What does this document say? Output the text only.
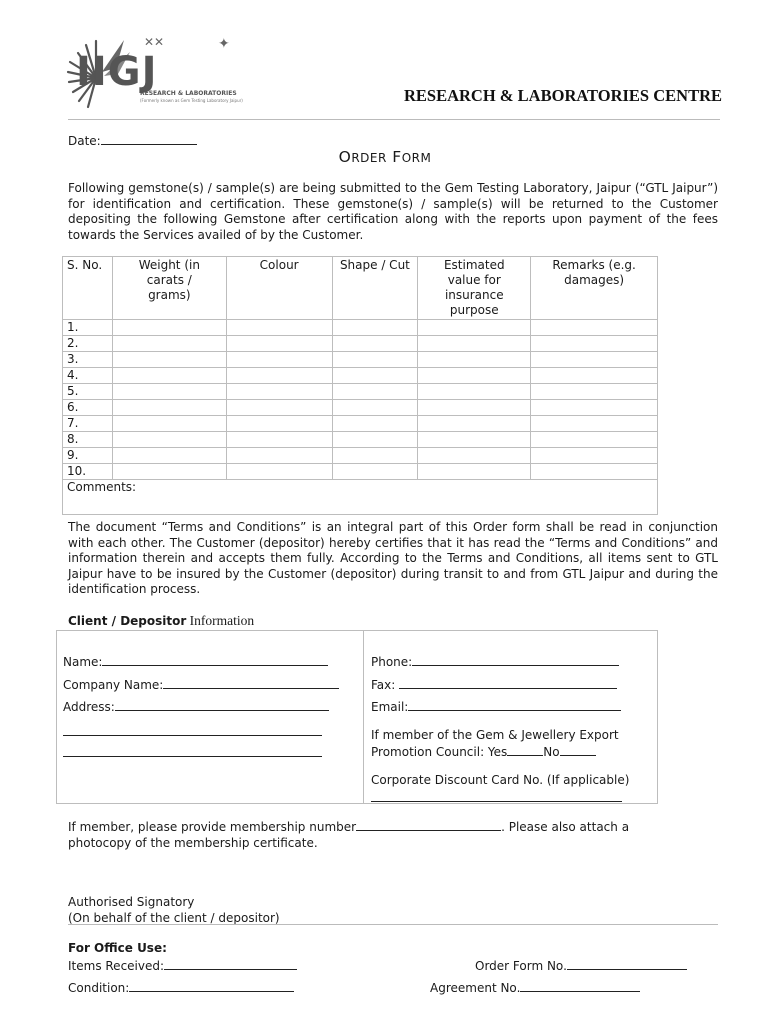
✕✕	✦
IIGJ
RESEARCH & LABORATORIES
(Formerly known as Gem Testing Laboratory Jaipur)	RESEARCH & LABORATORIES CENTRE
Date:
ORDER FORM
Following gemstone(s) / sample(s) are being submitted to the Gem Testing Laboratory, Jaipur (“GTL Jaipur”) for identification and certification. These gemstone(s) / sample(s) will be returned to the Customer depositing the following Gemstone after certification along with the reports upon payment of the fees towards the Services availed of by the Customer.
S. No.	Weight (in carats / grams)	Colour	Shape / Cut	Estimated value for insurance purpose	Remarks (e.g. damages)
1.					
2.					
3.					
4.					
5.					
6.					
7.					
8.					
9.					
10.					
Comments:					
The document “Terms and Conditions” is an integral part of this Order form shall be read in conjunction with each other. The Customer (depositor) hereby certifies that it has read the “Terms and Conditions” and information therein and accepts them fully. According to the Terms and Conditions, all items sent to GTL Jaipur have to be insured by the Customer (depositor) during transit to and from GTL Jaipur and during the identification process.
Client / Depositor Information
Name:
Company Name:
Address:
Phone:
Fax:
Email:
If member of the Gem & Jewellery Export
Promotion Council: Yes	No
Corporate Discount Card No. (If applicable)
If member, please provide membership number	. Please also attach a
photocopy of the membership certificate.
Authorised Signatory
(On behalf of the client / depositor)
For Office Use:
Items Received:
Condition:
Order Form No.
Agreement No.
